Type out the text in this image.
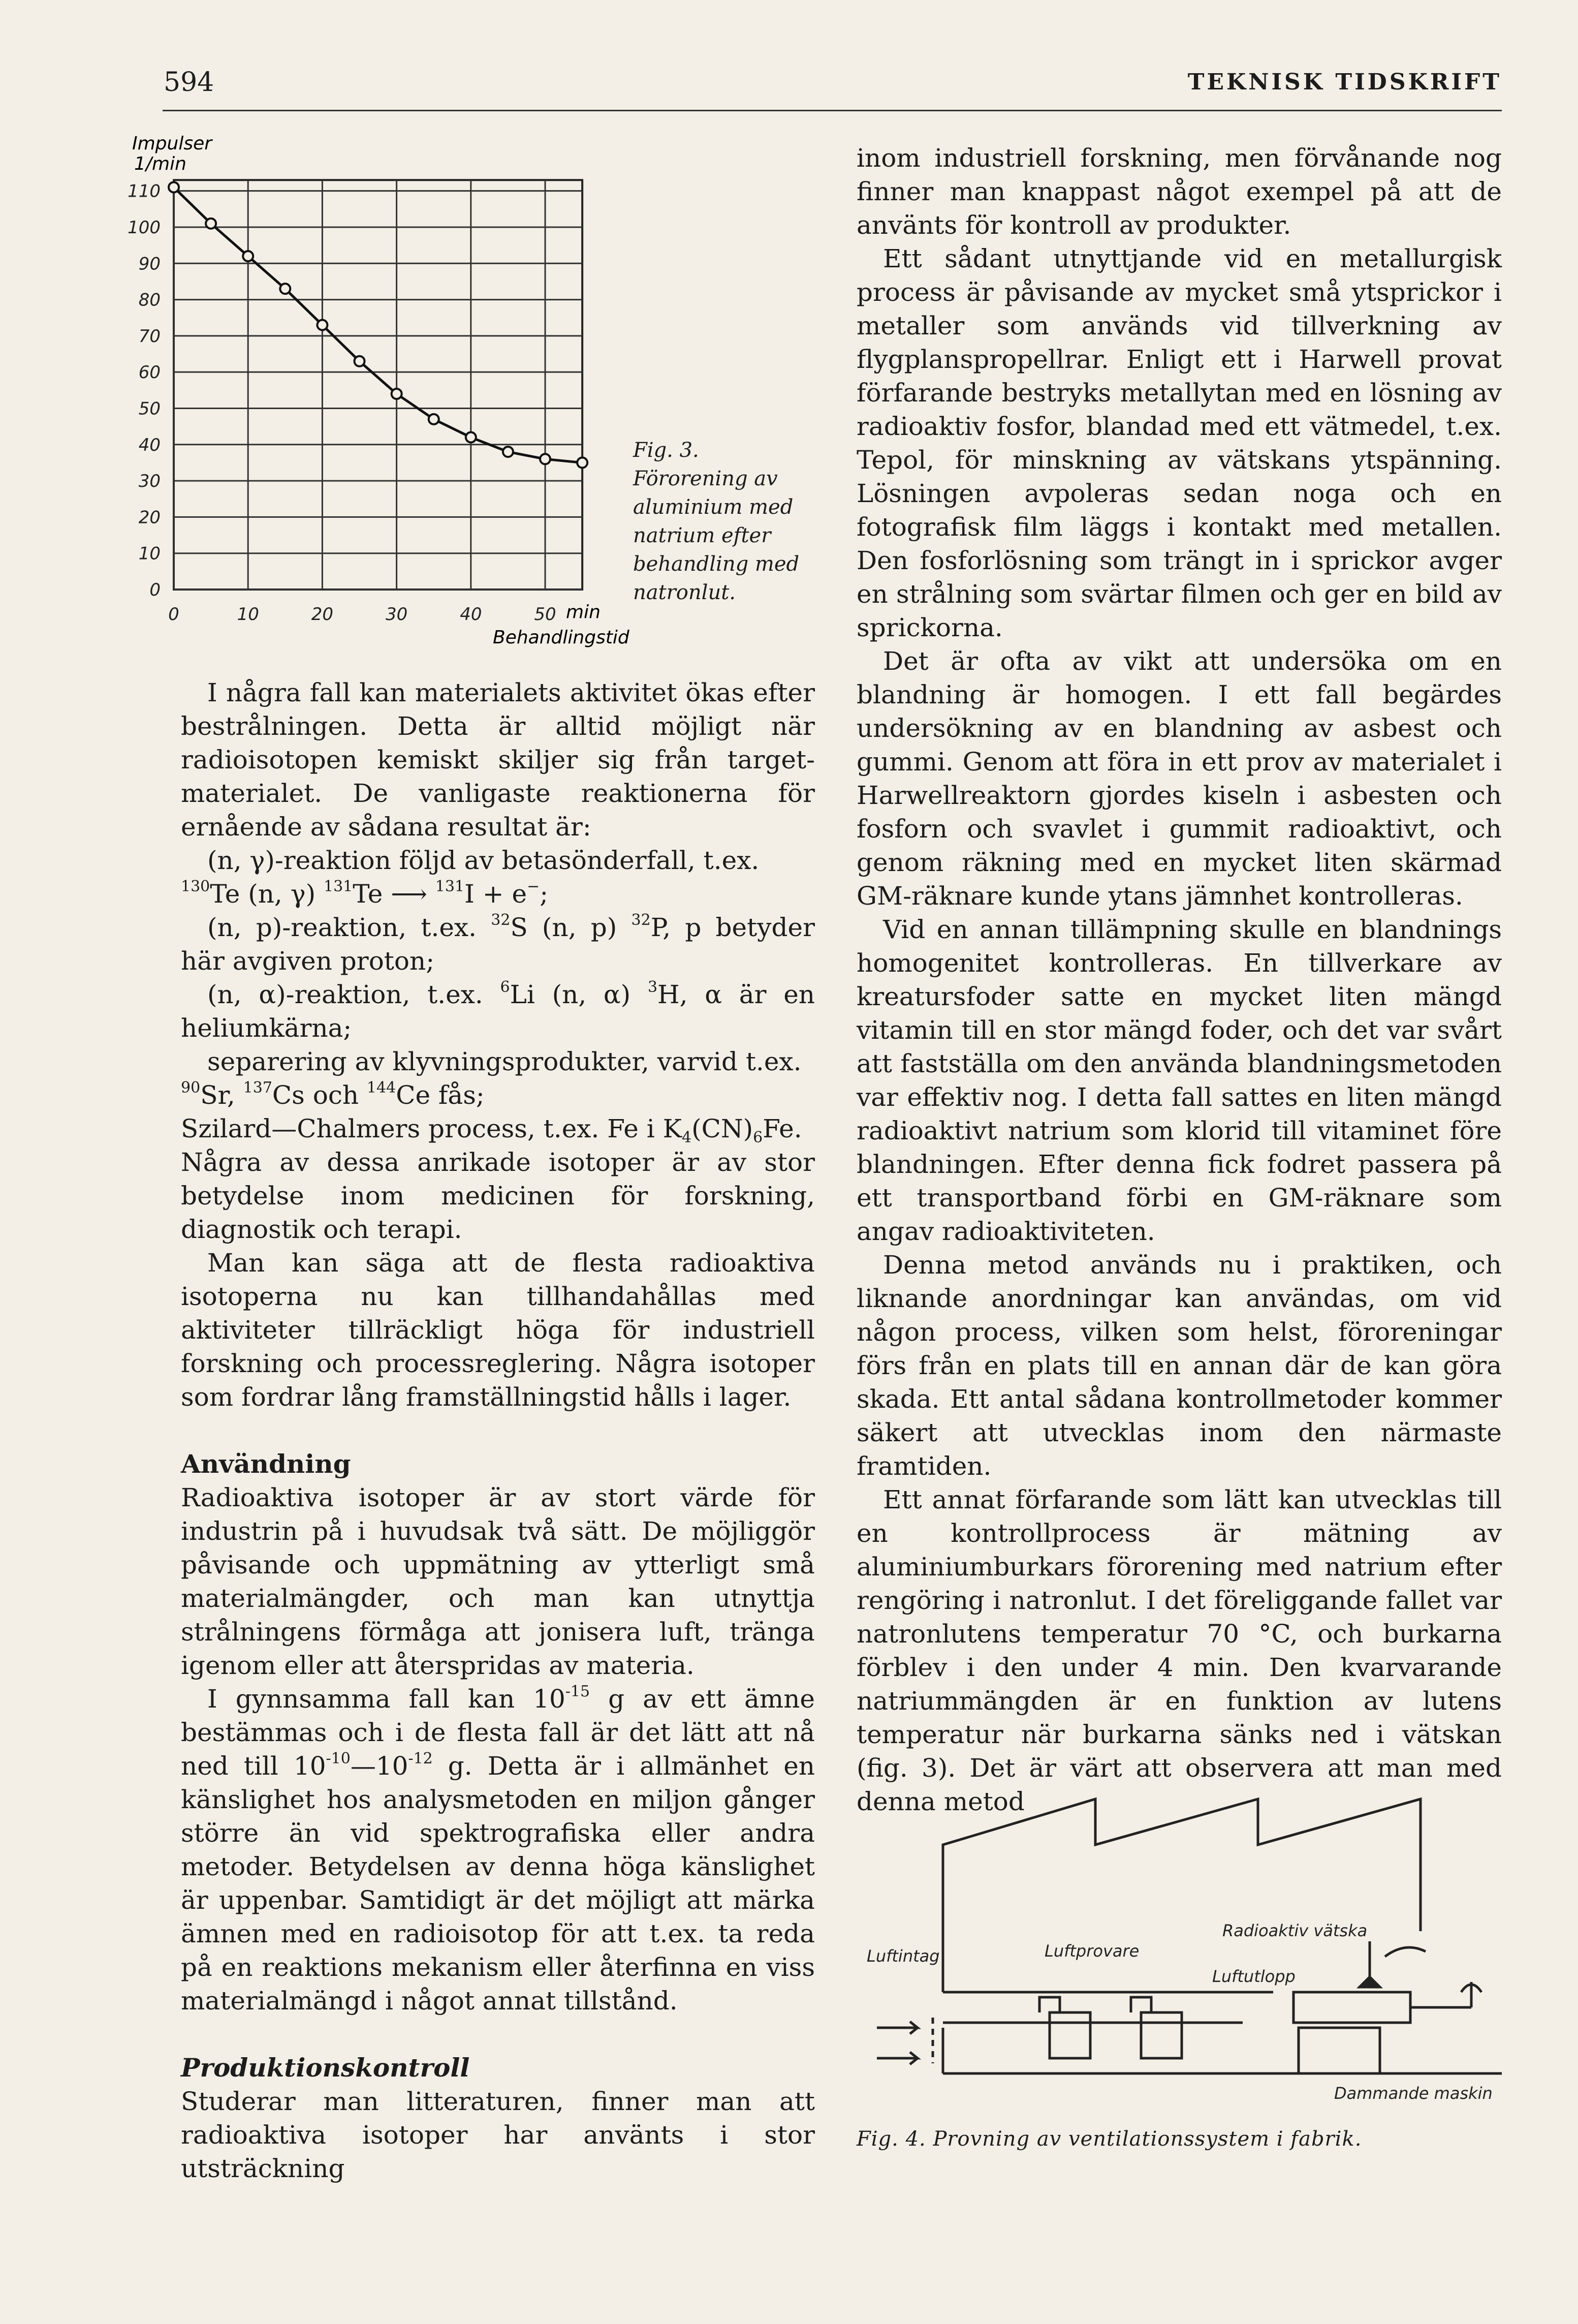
594	TEKNISK TIDSKRIFT
0
10
20
30
40
50
60
70
80
90
100
110
0	10	20	30	40	50
Impulser
1/min
min
Behandlingstid
Fig. 3. Förorening av aluminium med natrium efter behandling med natronlut.

I några fall kan materialets aktivitet ökas efter bestrålningen. Detta är alltid möjligt när radioisotopen kemiskt skiljer sig från target-materialet. De vanligaste reaktionerna för ernående av sådana resultat är:

(n, γ)-reaktion följd av betasönderfall, t.ex.

$^{130}$Te (n, γ) $^{131}$Te ⟶ $^{131}$I + e−;

(n, p)-reaktion, t.ex. $^{32}$S (n, p) $^{32}$P, p betyder här avgiven proton;

(n, α)-reaktion, t.ex. $^6$Li (n, α) $^3$H, α är en heliumkärna;

separering av klyvningsprodukter, varvid t.ex.

$^{90}$Sr, $^{137}$Cs och $^{144}$Ce fås;

Szilard—Chalmers process, t.ex. Fe i $K_4(CN)_6Fe$.

Några av dessa anrikade isotoper är av stor betydelse inom medicinen för forskning, diagnostik och terapi.

Man kan säga att de flesta radioaktiva isotoperna nu kan tillhandahållas med aktiviteter tillräckligt höga för industriell forskning och processreglering. Några isotoper som fordrar lång framställningstid hålls i lager.

Användning

Radioaktiva isotoper är av stort värde för industrin på i huvudsak två sätt. De möjliggör påvisande och uppmätning av ytterligt små materialmängder, och man kan utnyttja strålningens förmåga att jonisera luft, tränga igenom eller att återspridas av materia.

I gynnsamma fall kan $10^{-15}$ g av ett ämne bestämmas och i de flesta fall är det lätt att nå ned till $10^{-10}—10^{-12}$ g. Detta är i allmänhet en känslighet hos analysmetoden en miljon gånger större än vid spektrografiska eller andra metoder. Betydelsen av denna höga känslighet är uppenbar. Samtidigt är det möjligt att märka ämnen med en radioisotop för att t.ex. ta reda på en reaktions mekanism eller återfinna en viss materialmängd i något annat tillstånd.

Produktionskontroll

Studerar man litteraturen, finner man att radioaktiva isotoper har använts i stor utsträckning

inom industriell forskning, men förvånande nog finner man knappast något exempel på att de använts för kontroll av produkter.

Ett sådant utnyttjande vid en metallurgisk process är påvisande av mycket små ytsprickor i metaller som används vid tillverkning av flygplanspropellrar. Enligt ett i Harwell provat förfarande bestryks metallytan med en lösning av radioaktiv fosfor, blandad med ett vätmedel, t.ex. Tepol, för minskning av vätskans ytspänning. Lösningen avpoleras sedan noga och en fotografisk film läggs i kontakt med metallen. Den fosforlösning som trängt in i sprickor avger en strålning som svärtar filmen och ger en bild av sprickorna.

Det är ofta av vikt att undersöka om en blandning är homogen. I ett fall begärdes undersökning av en blandning av asbest och gummi. Genom att föra in ett prov av materialet i Harwellreaktorn gjordes kiseln i asbesten och fosforn och svavlet i gummit radioaktivt, och genom räkning med en mycket liten skärmad GM-räknare kunde ytans jämnhet kontrolleras.

Vid en annan tillämpning skulle en blandnings homogenitet kontrolleras. En tillverkare av kreatursfoder satte en mycket liten mängd vitamin till en stor mängd foder, och det var svårt att fastställa om den använda blandningsmetoden var effektiv nog. I detta fall sattes en liten mängd radioaktivt natrium som klorid till vitaminet före blandningen. Efter denna fick fodret passera på ett transportband förbi en GM-räknare som angav radioaktiviteten.

Denna metod används nu i praktiken, och liknande anordningar kan användas, om vid någon process, vilken som helst, föroreningar förs från en plats till en annan där de kan göra skada. Ett antal sådana kontrollmetoder kommer säkert att utvecklas inom den närmaste framtiden.

Ett annat förfarande som lätt kan utvecklas till en kontrollprocess är mätning av aluminiumburkars förorening med natrium efter rengöring i natronlut. I det föreliggande fallet var natronlutens temperatur 70 °C, och burkarna förblev i den under 4 min. Den kvarvarande natriummängden är en funktion av lutens temperatur när burkarna sänks ned i vätskan (fig. 3). Det är värt att observera att man med denna metod

Luftintag	Luftprovare
Radioaktiv vätska
Luftutlopp
Dammande maskin
Fig. 4. Provning av ventilationssystem i fabrik.
